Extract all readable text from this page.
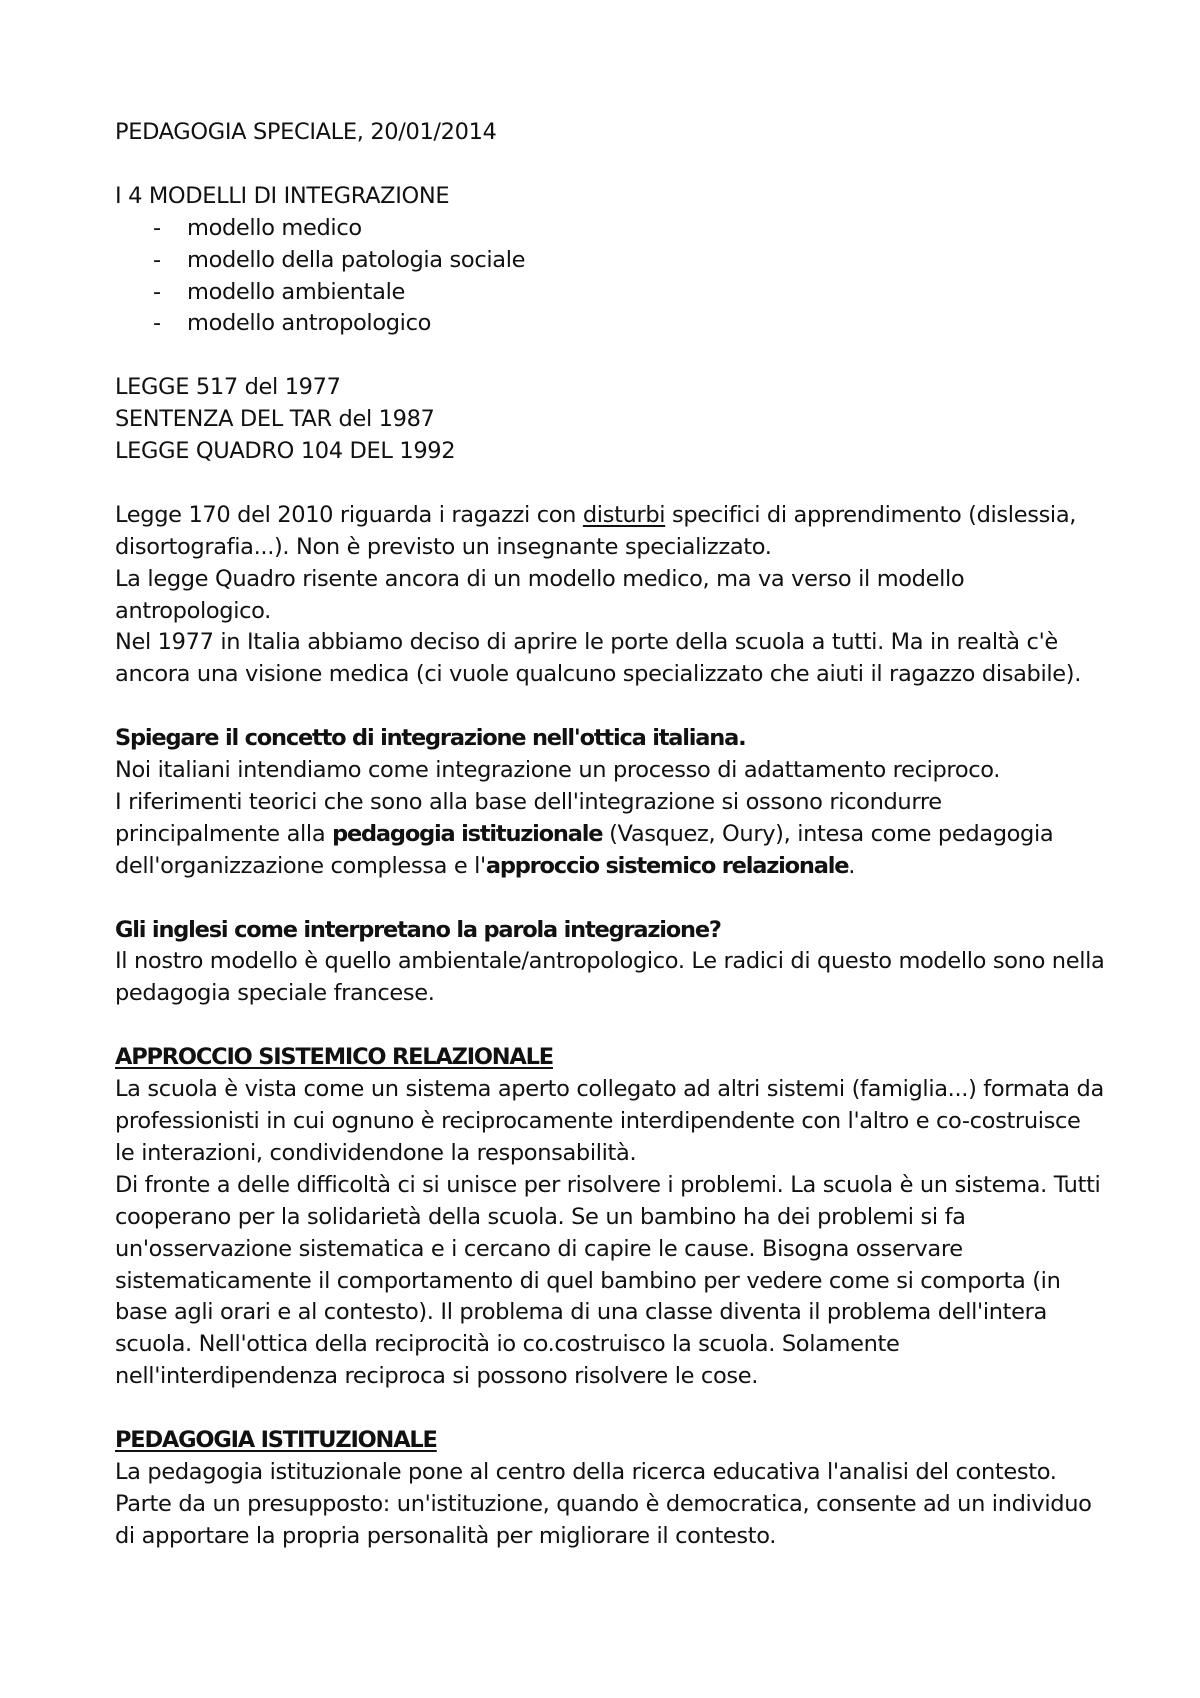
PEDAGOGIA SPECIALE, 20/01/2014

I 4 MODELLI DI INTEGRAZIONE

- modello medico
- modello della patologia sociale
- modello ambientale
- modello antropologico

LEGGE 517 del 1977

SENTENZA DEL TAR del 1987

LEGGE QUADRO 104 DEL 1992

Legge 170 del 2010 riguarda i ragazzi con disturbi specifici di apprendimento (dislessia, disortografia...). Non è previsto un insegnante specializzato.

La legge Quadro risente ancora di un modello medico, ma va verso il modello antropologico.

Nel 1977 in Italia abbiamo deciso di aprire le porte della scuola a tutti. Ma in realtà c'è ancora una visione medica (ci vuole qualcuno specializzato che aiuti il ragazzo disabile).

Spiegare il concetto di integrazione nell'ottica italiana.

Noi italiani intendiamo come integrazione un processo di adattamento reciproco.

I riferimenti teorici che sono alla base dell'integrazione si ossono ricondurre principalmente alla pedagogia istituzionale (Vasquez, Oury), intesa come pedagogia dell'organizzazione complessa e l'approccio sistemico relazionale.

Gli inglesi come interpretano la parola integrazione?

Il nostro modello è quello ambientale/antropologico. Le radici di questo modello sono nella pedagogia speciale francese.

APPROCCIO SISTEMICO RELAZIONALE

La scuola è vista come un sistema aperto collegato ad altri sistemi (famiglia...) formata da professionisti in cui ognuno è reciprocamente interdipendente con l'altro e co-costruisce le interazioni, condividendone la responsabilità.

Di fronte a delle difficoltà ci si unisce per risolvere i problemi. La scuola è un sistema. Tutti cooperano per la solidarietà della scuola. Se un bambino ha dei problemi si fa un'osservazione sistematica e i cercano di capire le cause. Bisogna osservare sistematicamente il comportamento di quel bambino per vedere come si comporta (in base agli orari e al contesto). Il problema di una classe diventa il problema dell'intera scuola. Nell'ottica della reciprocità io co.costruisco la scuola. Solamente nell'interdipendenza reciproca si possono risolvere le cose.

PEDAGOGIA ISTITUZIONALE

La pedagogia istituzionale pone al centro della ricerca educativa l'analisi del contesto. Parte da un presupposto: un'istituzione, quando è democratica, consente ad un individuo di apportare la propria personalità per migliorare il contesto.
